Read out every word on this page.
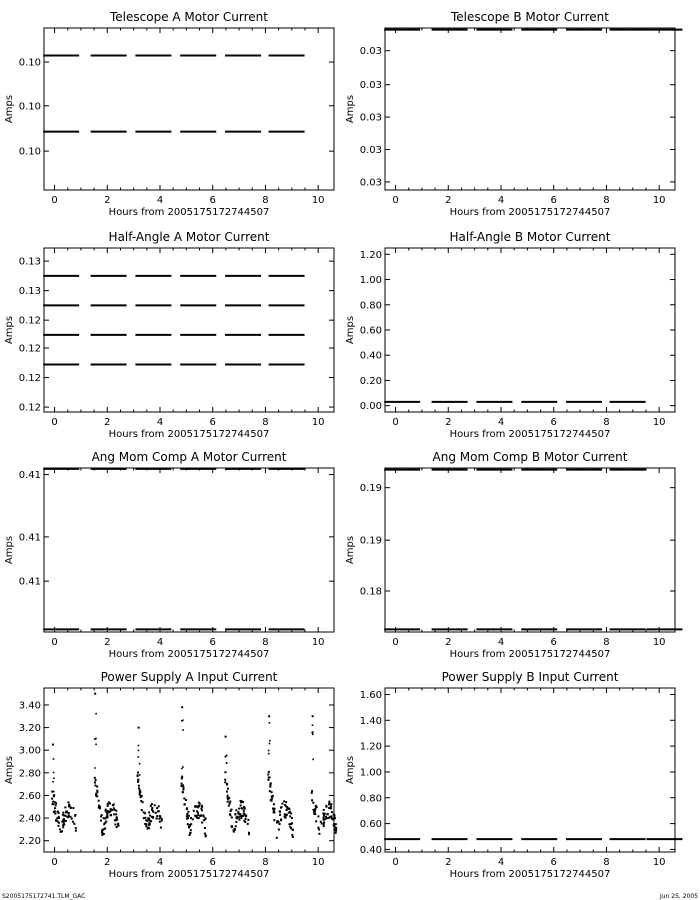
Telescope A Motor Current
0	2	4	6	8	10
Hours from 2005175172744507
0.10
0.10
0.10
Amps
Telescope B Motor Current
0	2	4	6	8	10
Hours from 2005175172744507
0.03
0.03
0.03
0.03
0.03
Amps
Half-Angle A Motor Current
0	2	4	6	8	10
Hours from 2005175172744507
0.13
0.13
0.12
0.12
0.12
0.12
Amps
Half-Angle B Motor Current
0	2	4	6	8	10
Hours from 2005175172744507
1.20
1.00
0.80
0.60
0.40
0.20
0.00
Amps
Ang Mom Comp A Motor Current
0	2	4	6	8	10
Hours from 2005175172744507
0.41
0.41
0.41
Amps
Ang Mom Comp B Motor Current
0	2	4	6	8	10
Hours from 2005175172744507
0.19
0.19
0.18
Amps
Power Supply A Input Current
0	2	4	6	8	10
Hours from 2005175172744507
3.40
3.20
3.00
2.80
2.60
2.40
2.20
Amps
Power Supply B Input Current
0	2	4	6	8	10
Hours from 2005175172744507
1.60
1.40
1.20
1.00
0.80
0.60
0.40
Amps
S2005175172741.TLM_GAC	Jun 25, 2005
